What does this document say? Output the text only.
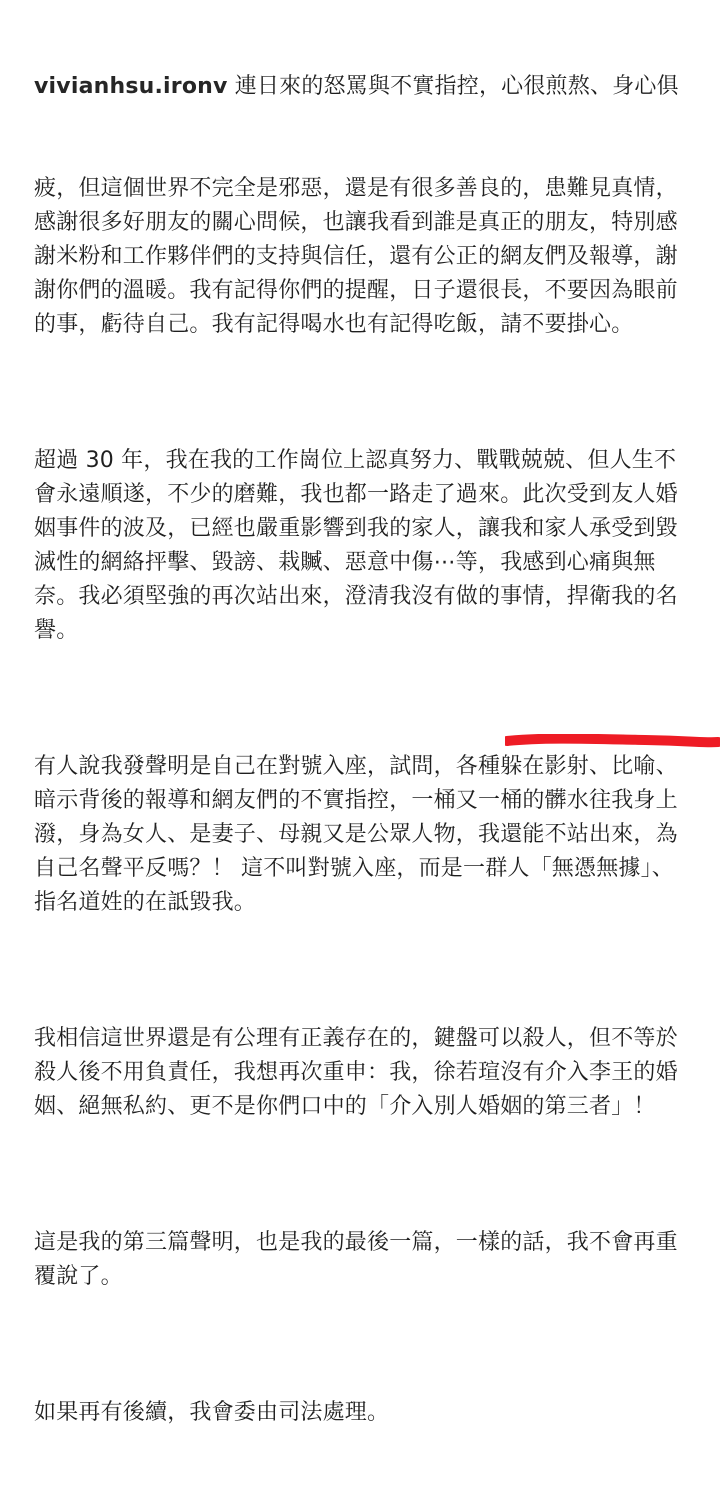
vivianhsu.ironv 連日來的怒罵與不實指控，心很煎熬、身心俱

疲，但這個世界不完全是邪惡，還是有很多善良的，患難見真情，
感謝很多好朋友的關心問候，也讓我看到誰是真正的朋友，特別感
謝米粉和工作夥伴們的支持與信任，還有公正的網友們及報導，謝
謝你們的溫暖。我有記得你們的提醒，日子還很長，不要因為眼前
的事，虧待自己。我有記得喝水也有記得吃飯，請不要掛心。

超過 30 年，我在我的工作崗位上認真努力、戰戰兢兢、但人生不
會永遠順遂，不少的磨難，我也都一路走了過來。此次受到友人婚
姻事件的波及，已經也嚴重影響到我的家人，讓我和家人承受到毀
滅性的網絡抨擊、毀謗、栽贓、惡意中傷⋯等，我感到心痛與無
奈。我必須堅強的再次站出來，澄清我沒有做的事情，捍衛我的名
譽。

有人說我發聲明是自己在對號入座，試問，各種躲在影射、比喻、
暗示背後的報導和網友們的不實指控，一桶又一桶的髒水往我身上
潑，身為女人、是妻子、母親又是公眾人物，我還能不站出來，為
自己名聲平反嗎？！ 這不叫對號入座，而是一群人「無憑無據」、
指名道姓的在詆毀我。

我相信這世界還是有公理有正義存在的，鍵盤可以殺人，但不等於
殺人後不用負責任，我想再次重申：我，徐若瑄沒有介入李王的婚
姻、絕無私約、更不是你們口中的「介入別人婚姻的第三者」！

這是我的第三篇聲明，也是我的最後一篇，一樣的話，我不會再重
覆說了。

如果再有後續，我會委由司法處理。
